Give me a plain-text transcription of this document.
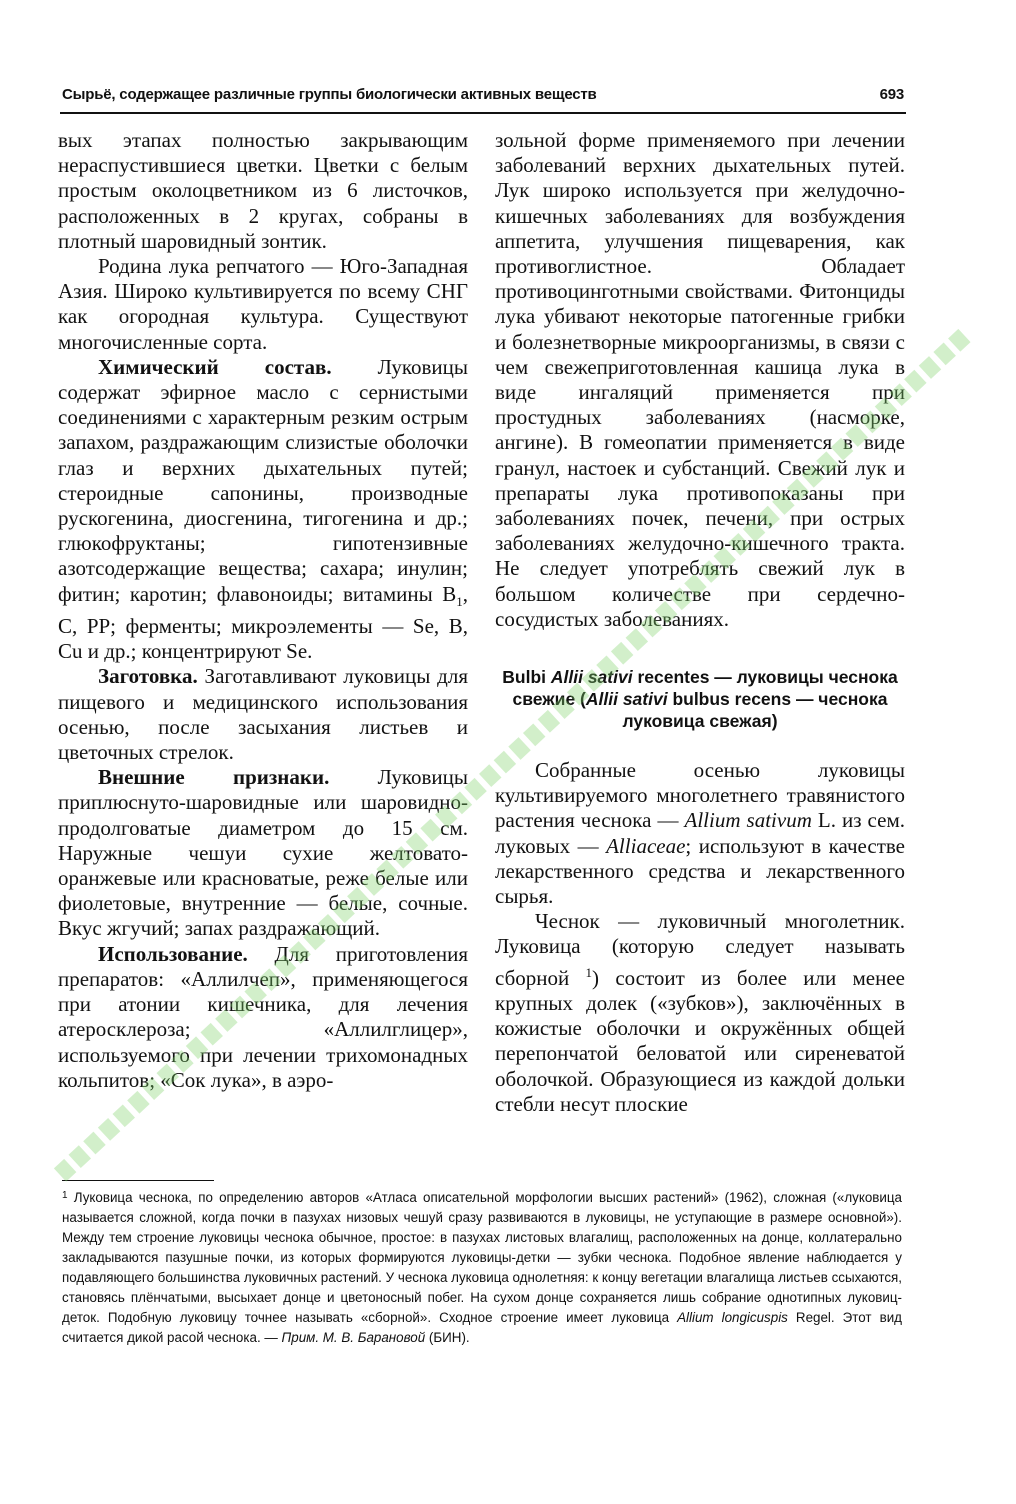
Сырьё, содержащее различные группы биологически активных веществ	693

вых этапах полностью закрывающим нераспустившиеся цветки. Цветки с белым простым околоцветником из 6 листочков, расположенных в 2 кругах, собраны в плотный шаровидный зонтик.

Родина лука репчатого — Юго-Западная Азия. Широко культивируется по всему СНГ как огородная культура. Существуют многочисленные сорта.

Химический состав. Луковицы содержат эфирное масло с сернистыми соединениями с характерным резким острым запахом, раздражающим слизистые оболочки глаз и верхних дыхательных путей; стероидные сапонины, производные рускогенина, диосгенина, тигогенина и др.; глюкофруктаны; гипотензивные азотсодержащие вещества; сахара; инулин; фитин; каротин; флавоноиды; витамины $B_1$, С, PP; ферменты; микроэлементы — Se, B, Cu и др.; концентрируют Se.

Заготовка. Заготавливают луковицы для пищевого и медицинского использования осенью, после засыхания листьев и цветочных стрелок.

Внешние признаки. Луковицы приплюснуто-шаровидные или шаровидно-продолговатые диаметром до 15 см. Наружные чешуи сухие желтовато-оранжевые или красноватые, реже белые или фиолетовые, внутренние — белые, сочные. Вкус жгучий; запах раздражающий.

Использование. Для приготовления препаратов: «Аллилчеп», применяющегося при атонии кишечника, для лечения атеросклероза; «Аллилглицер», используемого при лечении трихомонадных кольпитов; «Сок лука», в аэро-

зольной форме применяемого при лечении заболеваний верхних дыхательных путей. Лук широко используется при желудочно-кишечных заболеваниях для возбуждения аппетита, улучшения пищеварения, как противоглистное. Обладает противоцинготными свойствами. Фитонциды лука убивают некоторые патогенные грибки и болезнетворные микроорганизмы, в связи с чем свежеприготовленная кашица лука в виде ингаляций применяется при простудных заболеваниях (насморке, ангине). В гомеопатии применяется в виде гранул, настоек и субстанций. Свежий лук и препараты лука противопоказаны при заболеваниях почек, печени, при острых заболеваниях желудочно-кишечного тракта. Не следует употреблять свежий лук в большом количестве при сердечно-сосудистых заболеваниях.

Bulbi Allii sativi recentes — луковицы чеснока свежие (Allii sativi bulbus recens — чеснока луковица свежая)

Собранные осенью луковицы культивируемого многолетнего травянистого растения чеснока — Allium sativum L. из сем. луковых — Alliaceae; используют в качестве лекарственного средства и лекарственного сырья.

Чеснок — луковичный многолетник. Луковица (которую следует называть сборной $^1$) состоит из более или менее крупных долек («зубков»), заключённых в кожистые оболочки и окружённых общей перепончатой беловатой или сиреневатой оболочкой. Образующиеся из каждой дольки стебли несут плоские

$^1$ Луковица чеснока, по определению авторов «Атласа описательной морфологии высших растений» (1962), сложная («луковица называется сложной, когда почки в пазухах низовых чешуй сразу развиваются в луковицы, не уступающие в размере основной»). Между тем строение луковицы чеснока обычное, простое: в пазухах листовых влагалищ, расположенных на донце, коллатерально закладываются пазушные почки, из которых формируются луковицы-детки — зубки чеснока. Подобное явление наблюдается у подавляющего большинства луковичных растений. У чеснока луковица однолетняя: к концу вегетации влагалища листьев ссыхаются, становясь плёнчатыми, высыхает донце и цветоносный побег. На сухом донце сохраняется лишь собрание однотипных луковиц-деток. Подобную луковицу точнее называть «сборной». Сходное строение имеет луковица Allium longicuspis Regel. Этот вид считается дикой расой чеснока. — Прим. М. В. Барановой (БИН).
